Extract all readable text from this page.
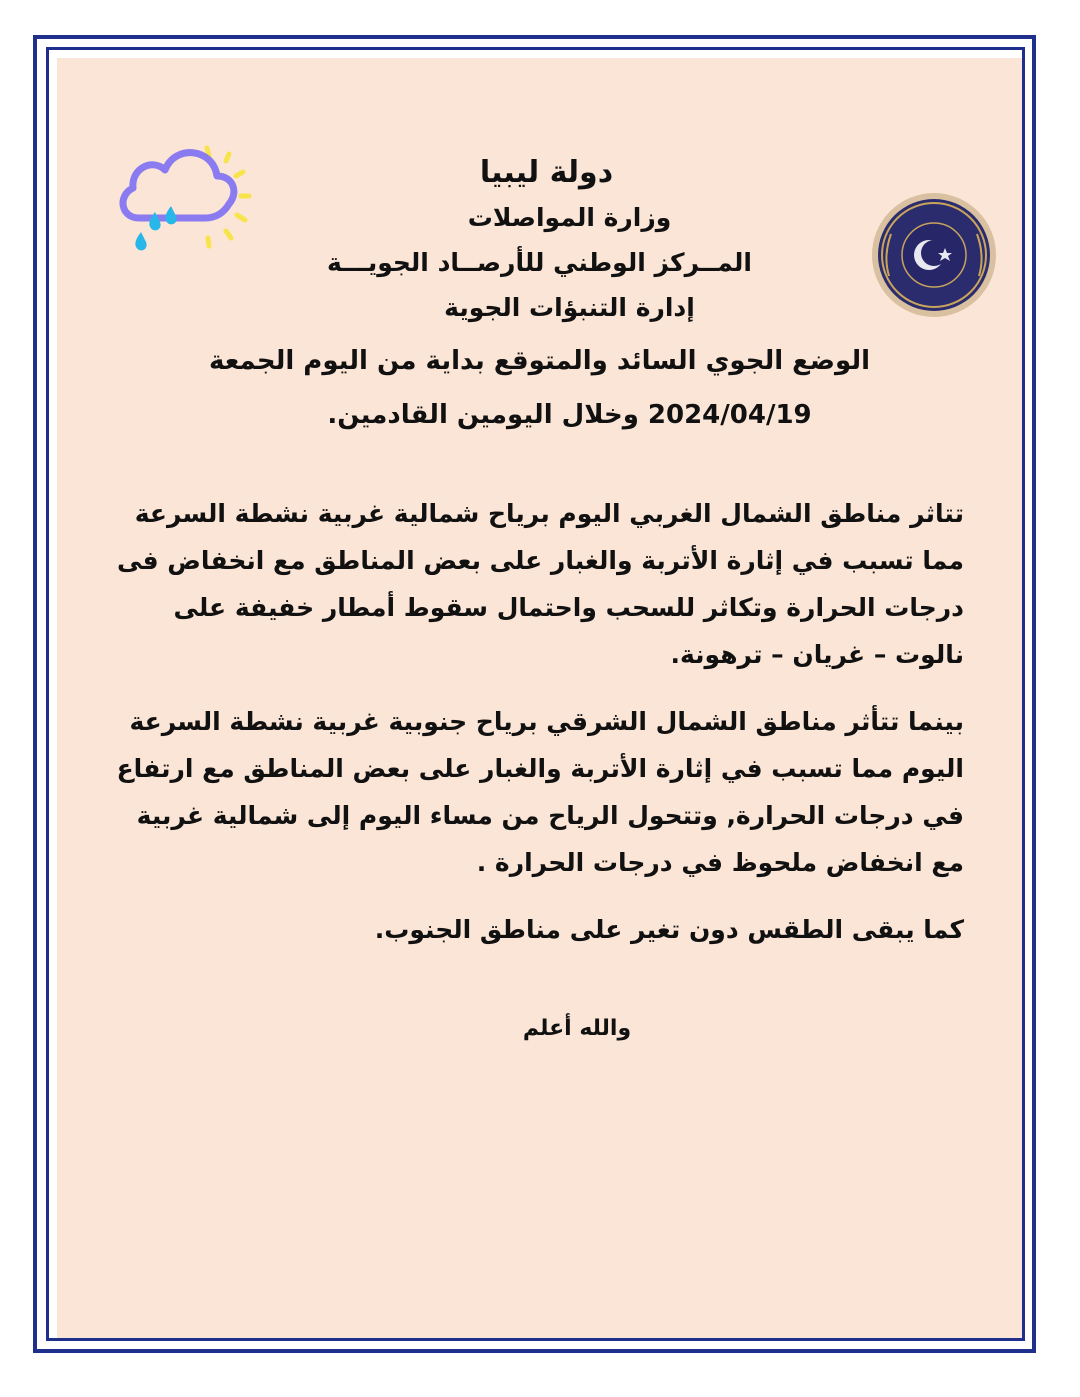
دولة ليبيا
وزارة المواصلات
المــركز الوطني للأرصــاد الجويـــة
إدارة التنبؤات الجوية
الوضع الجوي السائد والمتوقع بداية من اليوم الجمعة
2024/04/19 وخلال اليومين القادمين.

تتاثر مناطق الشمال الغربي اليوم برياح شمالية غربية نشطة السرعة مما تسبب في إثارة الأتربة والغبار على بعض المناطق مع انخفاض فى درجات الحرارة وتكاثر للسحب واحتمال سقوط أمطار خفيفة على نالوت – غريان – ترهونة.

بينما تتأثر مناطق الشمال الشرقي برياح جنوبية غربية نشطة السرعة اليوم مما تسبب في إثارة الأتربة والغبار على بعض المناطق مع ارتفاع في درجات الحرارة, وتتحول الرياح من مساء اليوم إلى شمالية غربية مع انخفاض ملحوظ في درجات الحرارة .

كما يبقى الطقس دون تغير على مناطق الجنوب.

والله أعلم
